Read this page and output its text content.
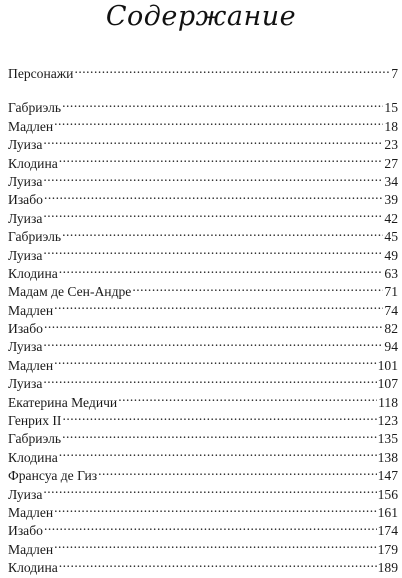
Содержание
Персонажи . . .	7
Габриэль . . .	15
Мадлен . . .	18
Луиза . . .	23
Клодина . . .	27
Луиза . . .	34
Изабо . . .	39
Луиза . . .	42
Габриэль . . .	45
Луиза . . .	49
Клодина . . .	63
Мадам де Сен-Андре . . .	71
Мадлен . . .	74
Изабо . . .	82
Луиза . . .	94
Мадлен . . .	101
Луиза . . .	107
Екатерина Медичи . . .	118
Генрих II . . .	123
Габриэль . . .	135
Клодина . . .	138
Франсуа де Гиз . . .	147
Луиза . . .	156
Мадлен . . .	161
Изабо . . .	174
Мадлен . . .	179
Клодина . . .	189
